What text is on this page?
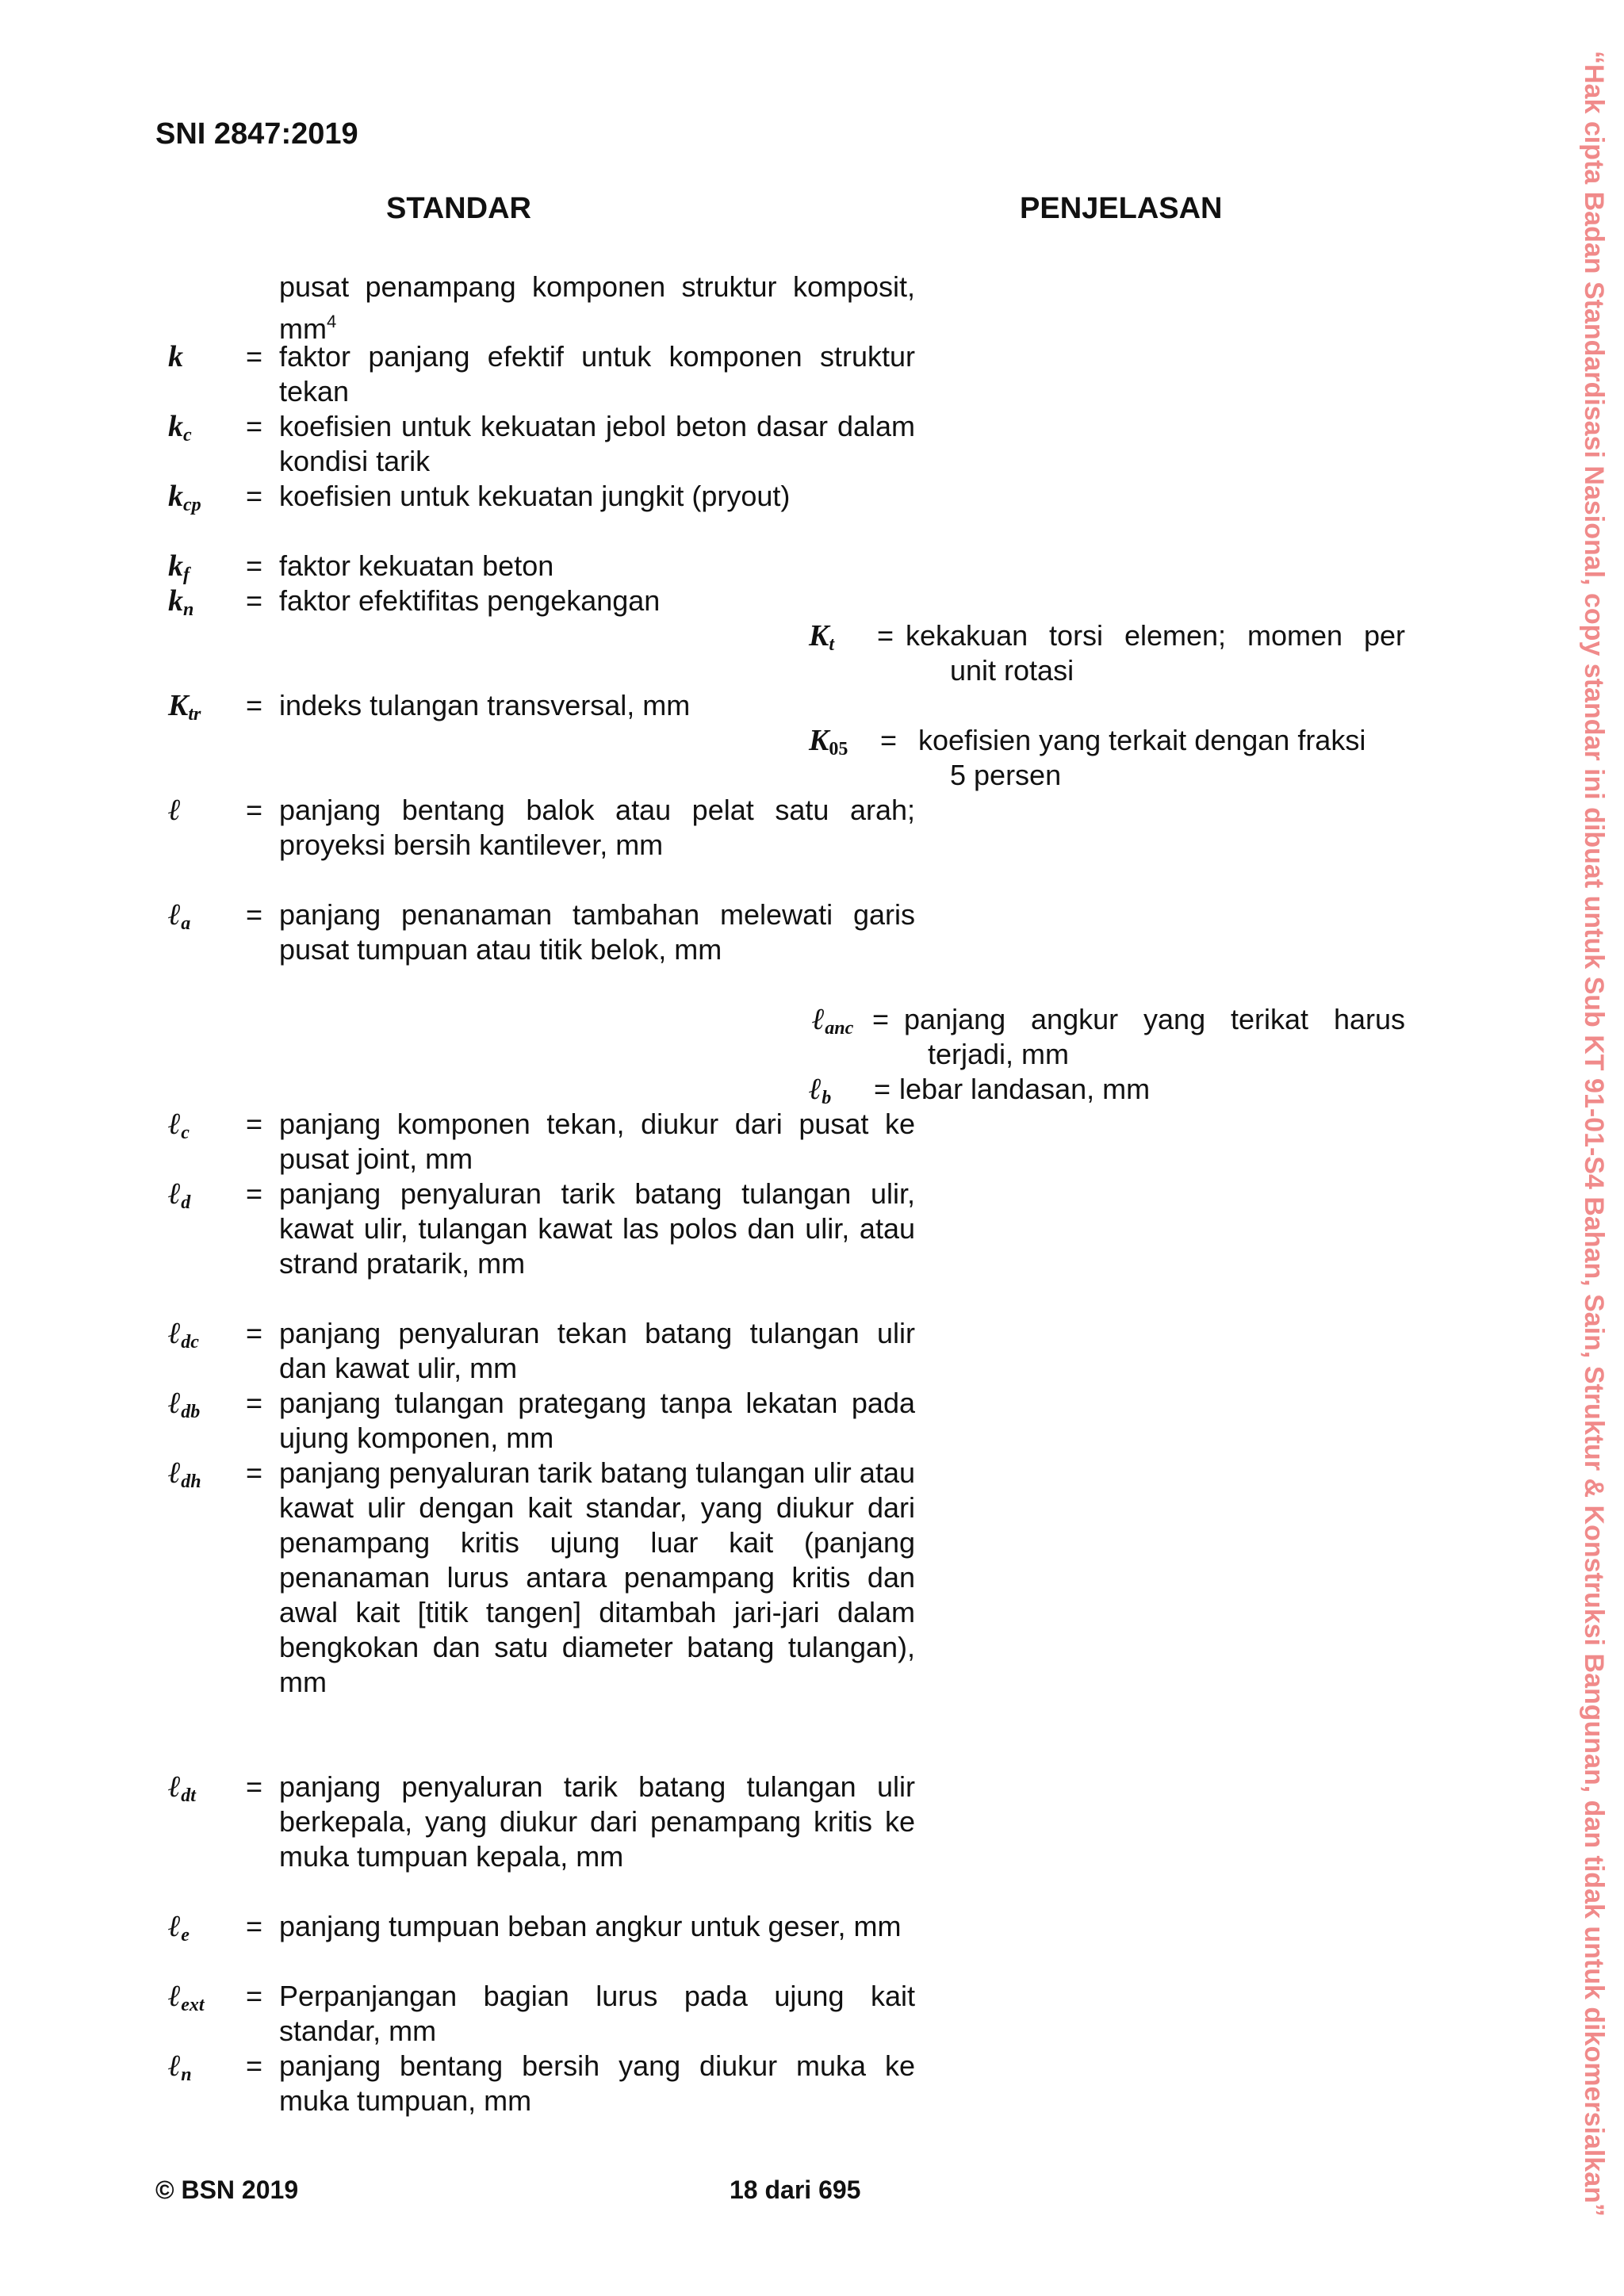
SNI 2847:2019
STANDAR	PENJELASAN
pusat penampang komponen struktur komposit, $mm^4$
k = faktor panjang efektif untuk komponen struktur tekan
$k_c$ = koefisien untuk kekuatan jebol beton dasar dalam kondisi tarik
$k_{cp}$ = koefisien untuk kekuatan jungkit (pryout)
$k_f$ = faktor kekuatan beton
$k_n$ = faktor efektifitas pengekangan
$K_{tr}$ = indeks tulangan transversal, mm
ℓ = panjang bentang balok atau pelat satu arah; proyeksi bersih kantilever, mm
ℓ$_a$ = panjang penanaman tambahan melewati garis pusat tumpuan atau titik belok, mm
ℓ$_c$ = panjang komponen tekan, diukur dari pusat ke pusat joint, mm
ℓ$_d$ = panjang penyaluran tarik batang tulangan ulir, kawat ulir, tulangan kawat las polos dan ulir, atau strand pratarik, mm
ℓ$_{dc}$ = panjang penyaluran tekan batang tulangan ulir dan kawat ulir, mm
ℓ$_{db}$ = panjang tulangan prategang tanpa lekatan pada ujung komponen, mm
ℓ$_{dh}$ = panjang penyaluran tarik batang tulangan ulir atau kawat ulir dengan kait standar, yang diukur dari penampang kritis ujung luar kait (panjang penanaman lurus antara penampang kritis dan awal kait [titik tangen] ditambah jari-jari dalam bengkokan dan satu diameter batang tulangan), mm
ℓ$_{dt}$ = panjang penyaluran tarik batang tulangan ulir berkepala, yang diukur dari penampang kritis ke muka tumpuan kepala, mm
ℓ$_e$ = panjang tumpuan beban angkur untuk geser, mm
ℓ$_{ext}$ = Perpanjangan bagian lurus pada ujung kait standar, mm
ℓ$_n$ = panjang bentang bersih yang diukur muka ke muka tumpuan, mm
$K_t$ = kekakuan torsi elemen; momen per
unit rotasi
$K_{05}$ = koefisien yang terkait dengan fraksi
5 persen
ℓ$_{anc}$ = panjang angkur yang terikat harus
terjadi, mm
ℓ$_b$ = lebar landasan, mm
© BSN 2019	18 dari 695	“Hak cipta Badan Standardisasi Nasional, copy standar ini dibuat untuk Sub KT 91-01-S4 Bahan, Sain, Struktur & Konstruksi Bangunan, dan tidak untuk dikomersialkan”
